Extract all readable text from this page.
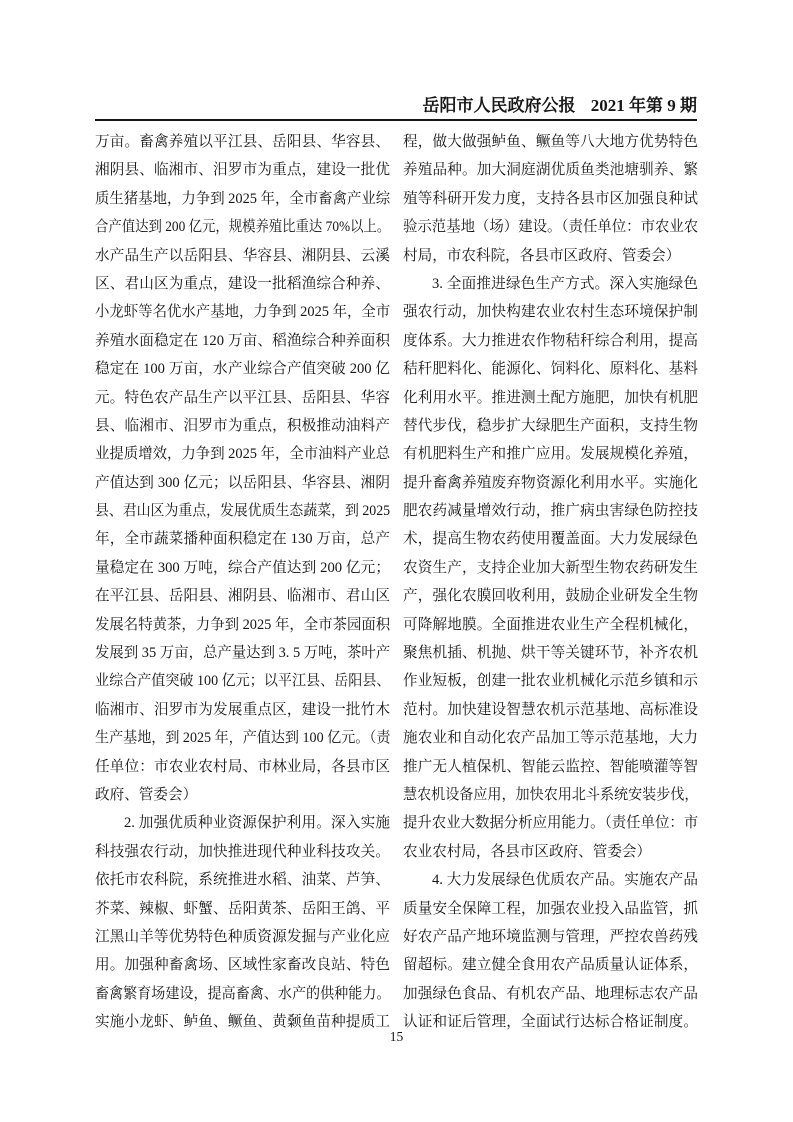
岳阳市人民政府公报 2021 年第 9 期
万亩。畜禽养殖以平江县、岳阳县、华容县、
湘阴县、临湘市、汨罗市为重点，建设一批优
质生猪基地，力争到 2025 年，全市畜禽产业综
合产值达到 200 亿元，规模养殖比重达 70%以上。
水产品生产以岳阳县、华容县、湘阴县、云溪
区、君山区为重点，建设一批稻渔综合种养、
小龙虾等名优水产基地，力争到 2025 年，全市
养殖水面稳定在 120 万亩、稻渔综合种养面积
稳定在 100 万亩，水产业综合产值突破 200 亿
元。特色农产品生产以平江县、岳阳县、华容
县、临湘市、汨罗市为重点，积极推动油料产
业提质增效，力争到 2025 年，全市油料产业总
产值达到 300 亿元；以岳阳县、华容县、湘阴
县、君山区为重点，发展优质生态蔬菜，到 2025
年，全市蔬菜播种面积稳定在 130 万亩，总产
量稳定在 300 万吨，综合产值达到 200 亿元；
在平江县、岳阳县、湘阴县、临湘市、君山区
发展名特黄茶，力争到 2025 年，全市茶园面积
发展到 35 万亩，总产量达到 3. 5 万吨，茶叶产
业综合产值突破 100 亿元；以平江县、岳阳县、
临湘市、汨罗市为发展重点区，建设一批竹木
生产基地，到 2025 年，产值达到 100 亿元。（责
任单位：市农业农村局、市林业局，各县市区
政府、管委会）
2. 加强优质种业资源保护利用。深入实施
科技强农行动，加快推进现代种业科技攻关。
依托市农科院，系统推进水稻、油菜、芦笋、
芥菜、辣椒、虾蟹、岳阳黄茶、岳阳王鸽、平
江黑山羊等优势特色种质资源发掘与产业化应
用。加强种畜禽场、区域性家畜改良站、特色
畜禽繁育场建设，提高畜禽、水产的供种能力。
实施小龙虾、鲈鱼、鳜鱼、黄颡鱼苗种提质工
程，做大做强鲈鱼、鳜鱼等八大地方优势特色
养殖品种。加大洞庭湖优质鱼类池塘驯养、繁
殖等科研开发力度，支持各县市区加强良种试
验示范基地（场）建设。（责任单位：市农业农
村局，市农科院，各县市区政府、管委会）
3. 全面推进绿色生产方式。深入实施绿色
强农行动，加快构建农业农村生态环境保护制
度体系。大力推进农作物秸秆综合利用，提高
秸秆肥料化、能源化、饲料化、原料化、基料
化利用水平。推进测土配方施肥，加快有机肥
替代步伐，稳步扩大绿肥生产面积，支持生物
有机肥料生产和推广应用。发展规模化养殖，
提升畜禽养殖废弃物资源化利用水平。实施化
肥农药减量增效行动，推广病虫害绿色防控技
术，提高生物农药使用覆盖面。大力发展绿色
农资生产，支持企业加大新型生物农药研发生
产，强化农膜回收利用，鼓励企业研发全生物
可降解地膜。全面推进农业生产全程机械化，
聚焦机插、机抛、烘干等关键环节，补齐农机
作业短板，创建一批农业机械化示范乡镇和示
范村。加快建设智慧农机示范基地、高标准设
施农业和自动化农产品加工等示范基地，大力
推广无人植保机、智能云监控、智能喷灌等智
慧农机设备应用，加快农用北斗系统安装步伐，
提升农业大数据分析应用能力。（责任单位：市
农业农村局，各县市区政府、管委会）
4. 大力发展绿色优质农产品。实施农产品
质量安全保障工程，加强农业投入品监管，抓
好农产品产地环境监测与管理，严控农兽药残
留超标。建立健全食用农产品质量认证体系，
加强绿色食品、有机农产品、地理标志农产品
认证和证后管理，全面试行达标合格证制度。
15
